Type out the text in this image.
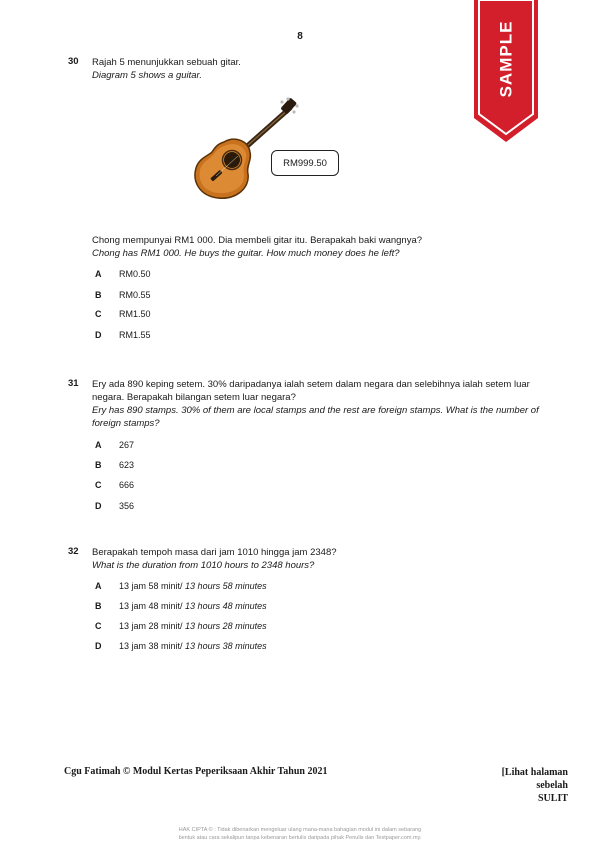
8	SAMPLE
30 Rajah 5 menunjukkan sebuah gitar.
Diagram 5 shows a guitar.
RM999.50
Chong mempunyai RM1 000. Dia membeli gitar itu. Berapakah baki wangnya?
Chong has RM1 000. He buys the guitar. How much money does he left?
A RM0.50
B RM0.55
C RM1.50
D RM1.55
31 Ery ada 890 keping setem. 30% daripadanya ialah setem dalam negara dan selebihnya ialah setem luar negara. Berapakah bilangan setem luar negara?
Ery has 890 stamps. 30% of them are local stamps and the rest are foreign stamps. What is the number of foreign stamps?
A 267
B 623
C 666
D 356
32 Berapakah tempoh masa dari jam 1010 hingga jam 2348?
What is the duration from 1010 hours to 2348 hours?
A 13 jam 58 minit/ 13 hours 58 minutes
B 13 jam 48 minit/ 13 hours 48 minutes
C 13 jam 28 minit/ 13 hours 28 minutes
D 13 jam 38 minit/ 13 hours 38 minutes
Cgu Fatimah © Modul Kertas Peperiksaan Akhir Tahun 2021	[Lihat halaman sebelah
SULIT
HAK CIPTA © : Tidak dibenarkan mengeluar ulang mana-mana bahagian modul ini dalam sebarang
bentuk atau cara sekalipun tanpa kebenaran bertulis daripada pihak Penulis dan Testpaper.com.my.
